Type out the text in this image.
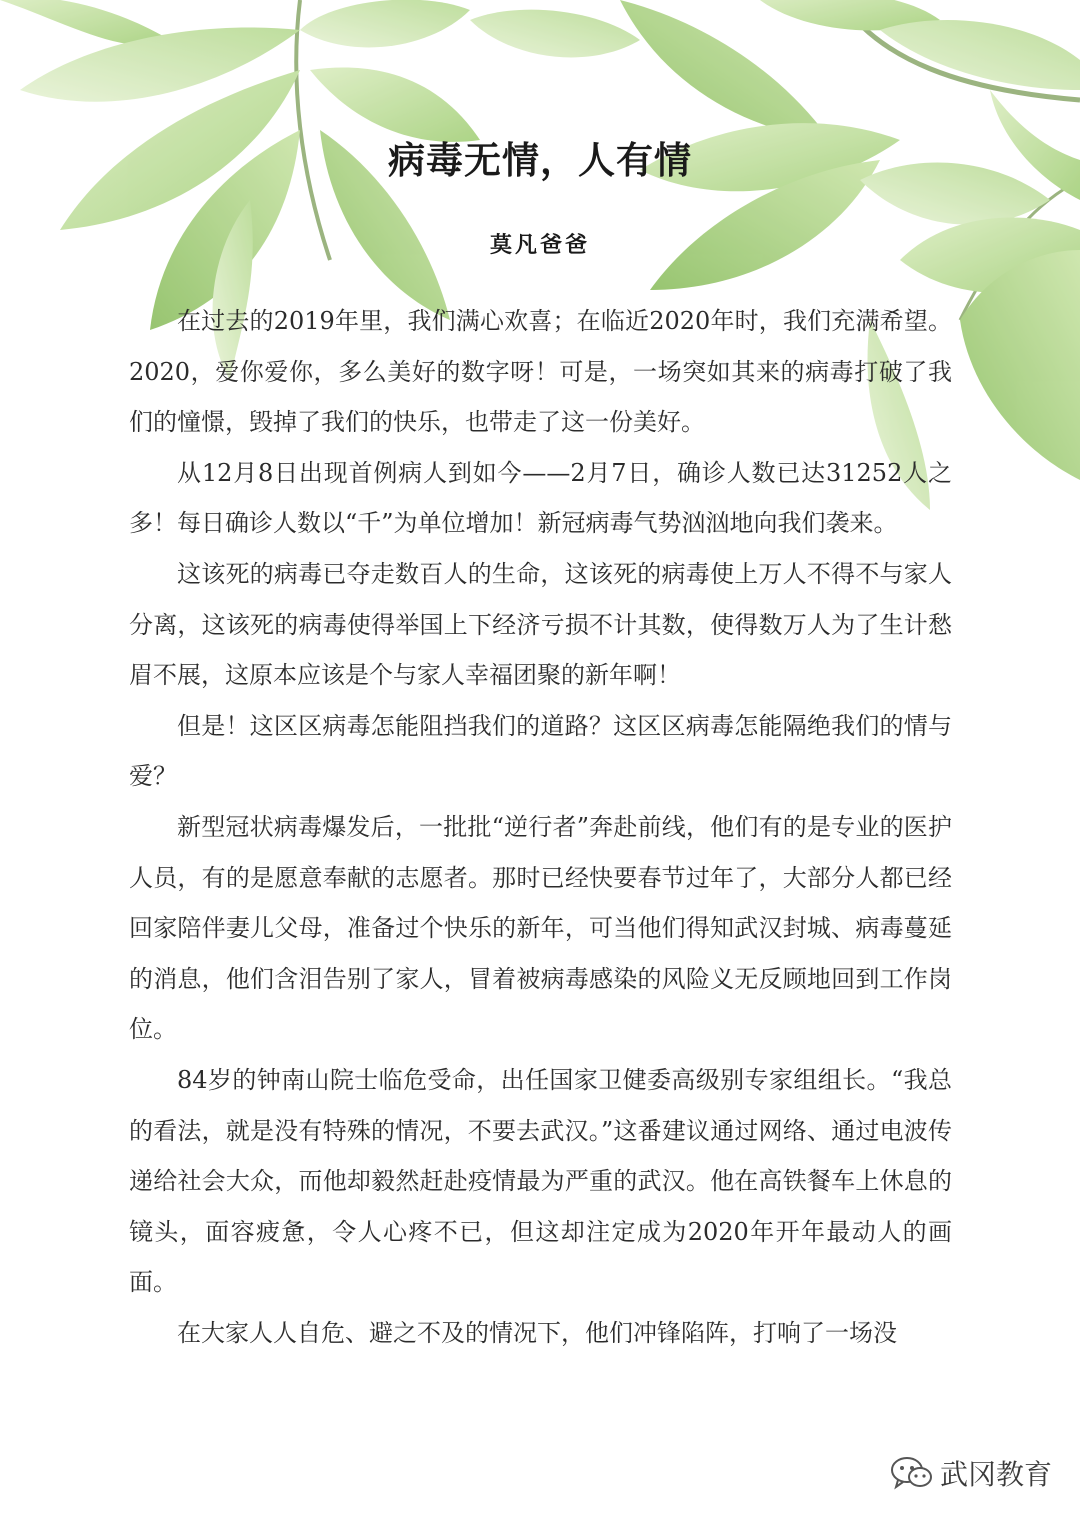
病毒无情，人有情
莫凡爸爸

在过去的2019年里，我们满心欢喜；在临近2020年时，我们充满希望。2020，爱你爱你，多么美好的数字呀！可是，一场突如其来的病毒打破了我们的憧憬，毁掉了我们的快乐，也带走了这一份美好。

从12月8日出现首例病人到如今——2月7日，确诊人数已达31252人之多！每日确诊人数以“千”为单位增加！新冠病毒气势汹汹地向我们袭来。

这该死的病毒已夺走数百人的生命，这该死的病毒使上万人不得不与家人分离，这该死的病毒使得举国上下经济亏损不计其数，使得数万人为了生计愁眉不展，这原本应该是个与家人幸福团聚的新年啊！

但是！这区区病毒怎能阻挡我们的道路？这区区病毒怎能隔绝我们的情与爱？

新型冠状病毒爆发后，一批批“逆行者”奔赴前线，他们有的是专业的医护人员，有的是愿意奉献的志愿者。那时已经快要春节过年了，大部分人都已经回家陪伴妻儿父母，准备过个快乐的新年，可当他们得知武汉封城、病毒蔓延的消息，他们含泪告别了家人，冒着被病毒感染的风险义无反顾地回到工作岗位。

84岁的钟南山院士临危受命，出任国家卫健委高级别专家组组长。“我总的看法，就是没有特殊的情况，不要去武汉。”这番建议通过网络、通过电波传递给社会大众，而他却毅然赶赴疫情最为严重的武汉。他在高铁餐车上休息的镜头，面容疲惫，令人心疼不已，但这却注定成为2020年开年最动人的画面。

在大家人人自危、避之不及的情况下，他们冲锋陷阵，打响了一场没

武冈教育
